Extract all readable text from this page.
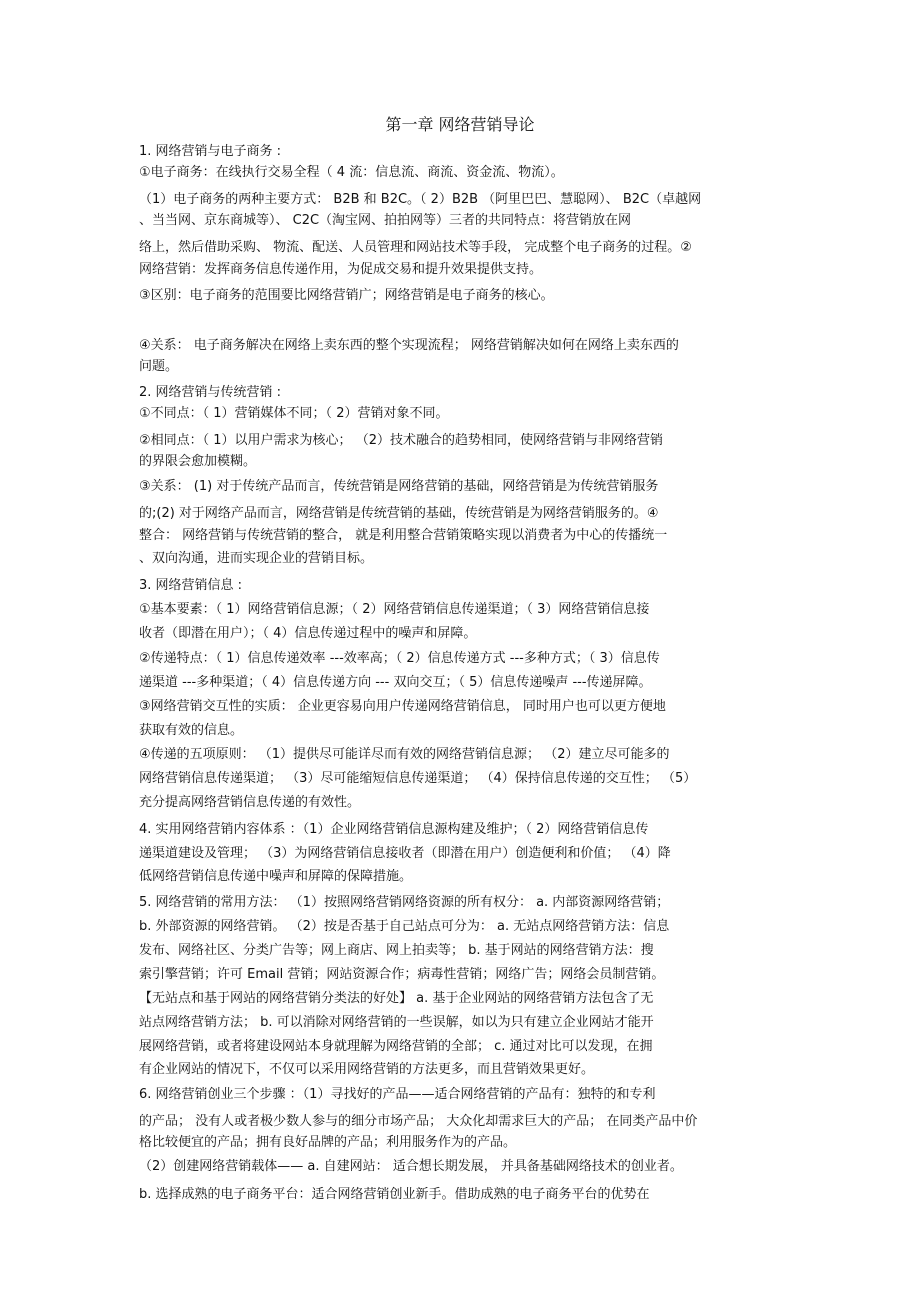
第一章 网络营销导论
1. 网络营销与电子商务 :
①电子商务：在线执行交易全程（ 4 流：信息流、商流、资金流、物流）。
（1）电子商务的两种主要方式： B2B 和 B2C。（ 2）B2B （阿里巴巴、慧聪网）、 B2C（卓越网
、当当网、京东商城等）、 C2C（淘宝网、拍拍网等）三者的共同特点：将营销放在网
络上，然后借助采购、 物流、配送、人员管理和网站技术等手段， 完成整个电子商务的过程。②
网络营销：发挥商务信息传递作用，为促成交易和提升效果提供支持。
③区别：电子商务的范围要比网络营销广；网络营销是电子商务的核心。
④关系： 电子商务解决在网络上卖东西的整个实现流程； 网络营销解决如何在网络上卖东西的
问题。
2. 网络营销与传统营销 :
①不同点：（ 1）营销媒体不同；（ 2）营销对象不同。
②相同点：（ 1）以用户需求为核心； （2）技术融合的趋势相同，使网络营销与非网络营销
的界限会愈加模糊。
③关系： (1) 对于传统产品而言，传统营销是网络营销的基础，网络营销是为传统营销服务
的;(2) 对于网络产品而言，网络营销是传统营销的基础，传统营销是为网络营销服务的。④
整合： 网络营销与传统营销的整合， 就是利用整合营销策略实现以消费者为中心的传播统一
、双向沟通，进而实现企业的营销目标。
3. 网络营销信息 :
①基本要素：（ 1）网络营销信息源；（ 2）网络营销信息传递渠道；（ 3）网络营销信息接
收者（即潜在用户）；（ 4）信息传递过程中的噪声和屏障。
②传递特点：（ 1）信息传递效率 ---效率高；（ 2）信息传递方式 ---多种方式；（ 3）信息传
递渠道 ---多种渠道；（ 4）信息传递方向 --- 双向交互；（ 5）信息传递噪声 ---传递屏障。
③网络营销交互性的实质： 企业更容易向用户传递网络营销信息， 同时用户也可以更方便地
获取有效的信息。
④传递的五项原则： （1）提供尽可能详尽而有效的网络营销信息源； （2）建立尽可能多的
网络营销信息传递渠道； （3）尽可能缩短信息传递渠道； （4）保持信息传递的交互性； （5）
充分提高网络营销信息传递的有效性。
4. 实用网络营销内容体系 ：（1）企业网络营销信息源构建及维护；（ 2）网络营销信息传
递渠道建设及管理； （3）为网络营销信息接收者（即潜在用户）创造便利和价值； （4）降
低网络营销信息传递中噪声和屏障的保障措施。
5. 网络营销的常用方法： （1）按照网络营销网络资源的所有权分： a. 内部资源网络营销；
b. 外部资源的网络营销。 （2）按是否基于自己站点可分为： a. 无站点网络营销方法：信息
发布、网络社区、分类广告等；网上商店、网上拍卖等； b. 基于网站的网络营销方法：搜
索引擎营销；许可 Email 营销；网站资源合作；病毒性营销；网络广告；网络会员制营销。
【无站点和基于网站的网络营销分类法的好处】 a. 基于企业网站的网络营销方法包含了无
站点网络营销方法； b. 可以消除对网络营销的一些误解，如以为只有建立企业网站才能开
展网络营销，或者将建设网站本身就理解为网络营销的全部； c. 通过对比可以发现，在拥
有企业网站的情况下，不仅可以采用网络营销的方法更多，而且营销效果更好。
6. 网络营销创业三个步骤 ：（1）寻找好的产品——适合网络营销的产品有：独特的和专利
的产品； 没有人或者极少数人参与的细分市场产品； 大众化却需求巨大的产品； 在同类产品中价
格比较便宜的产品；拥有良好品牌的产品；利用服务作为的产品。
（2）创建网络营销载体—— a. 自建网站： 适合想长期发展， 并具备基础网络技术的创业者。
b. 选择成熟的电子商务平台：适合网络营销创业新手。借助成熟的电子商务平台的优势在
